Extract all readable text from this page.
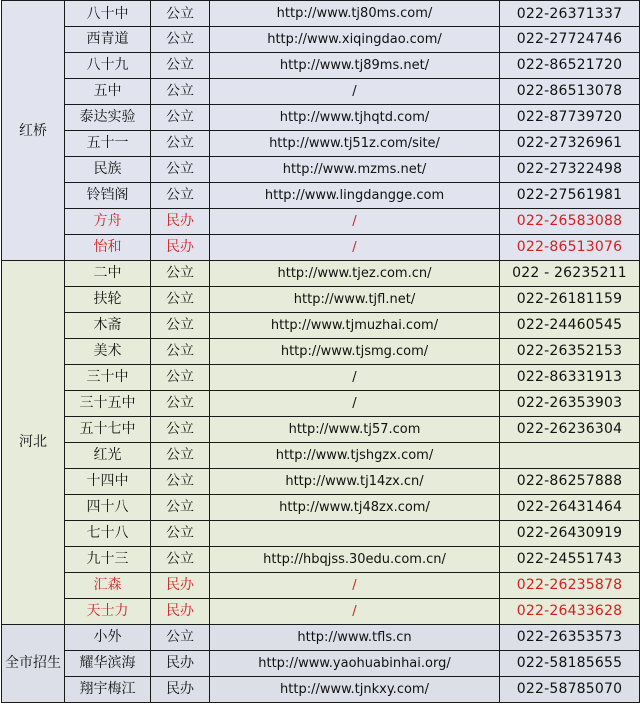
红桥	八十中	公立	http://www.tj80ms.com/	022-26371337
	西青道	公立	http://www.xiqingdao.com/	022-27724746
	八十九	公立	http://www.tj89ms.net/	022-86521720
	五中	公立	/	022-86513078
	泰达实验	公立	http://www.tjhqtd.com/	022-87739720
	五十一	公立	http://www.tj51z.com/site/	022-27326961
	民族	公立	http://www.mzms.net/	022-27322498
	铃铛阁	公立	http://www.lingdangge.com	022-27561981
	方舟	民办	/	022-26583088
	怡和	民办	/	022-86513076
河北	二中	公立	http://www.tjez.com.cn/	022 - 26235211
	扶轮	公立	http://www.tjfl.net/	022-26181159
	木斋	公立	http://www.tjmuzhai.com/	022-24460545
	美术	公立	http://www.tjsmg.com/	022-26352153
	三十中	公立	/	022-86331913
	三十五中	公立	/	022-26353903
	五十七中	公立	http://www.tj57.com	022-26236304
	红光	公立	http://www.tjshgzx.com/	
	十四中	公立	http://www.tj14zx.cn/	022-86257888
	四十八	公立	http://www.tj48zx.com/	022-26431464
	七十八	公立		022-26430919
	九十三	公立	http://hbqjss.30edu.com.cn/	022-24551743
	汇森	民办	/	022-26235878
	天士力	民办	/	022-26433628
全市招生	小外	公立	http://www.tfls.cn	022-26353573
	耀华滨海	民办	http://www.yaohuabinhai.org/	022-58185655
	翔宇梅江	民办	http://www.tjnkxy.com/	022-58785070
